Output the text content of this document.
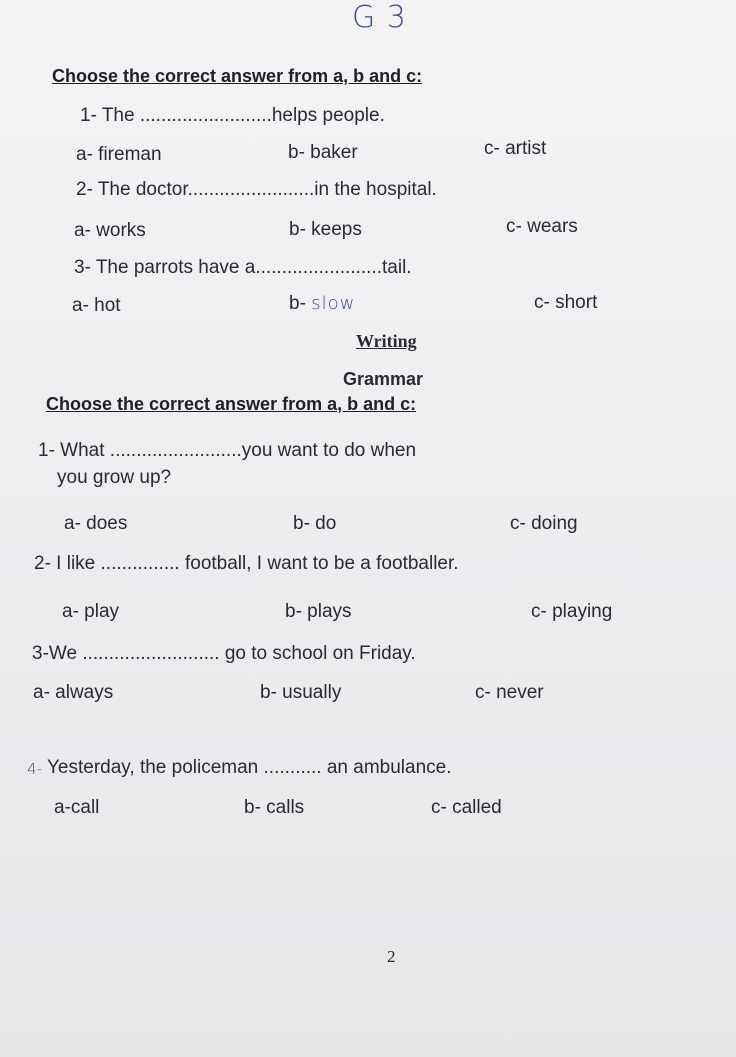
G 3
Choose the correct answer from a, b and c:
1- The .........................helps people.
a- fireman	b- baker	c- artist
2- The doctor........................in the hospital.
a- works	b- keeps	c- wears
3- The parrots have a........................tail.
a- hot	b- slow	c- short
Writing
Grammar
Choose the correct answer from a, b and c:
1- What .........................you want to do when
you grow up?
a- does	b- do	c- doing
2- I like ............... football, I want to be a footballer.
a- play	b- plays	c- playing
3-We .......................... go to school on Friday.
a- always	b- usually	c- never
4- Yesterday, the policeman ........... an ambulance.
a-call	b- calls	c- called
2
